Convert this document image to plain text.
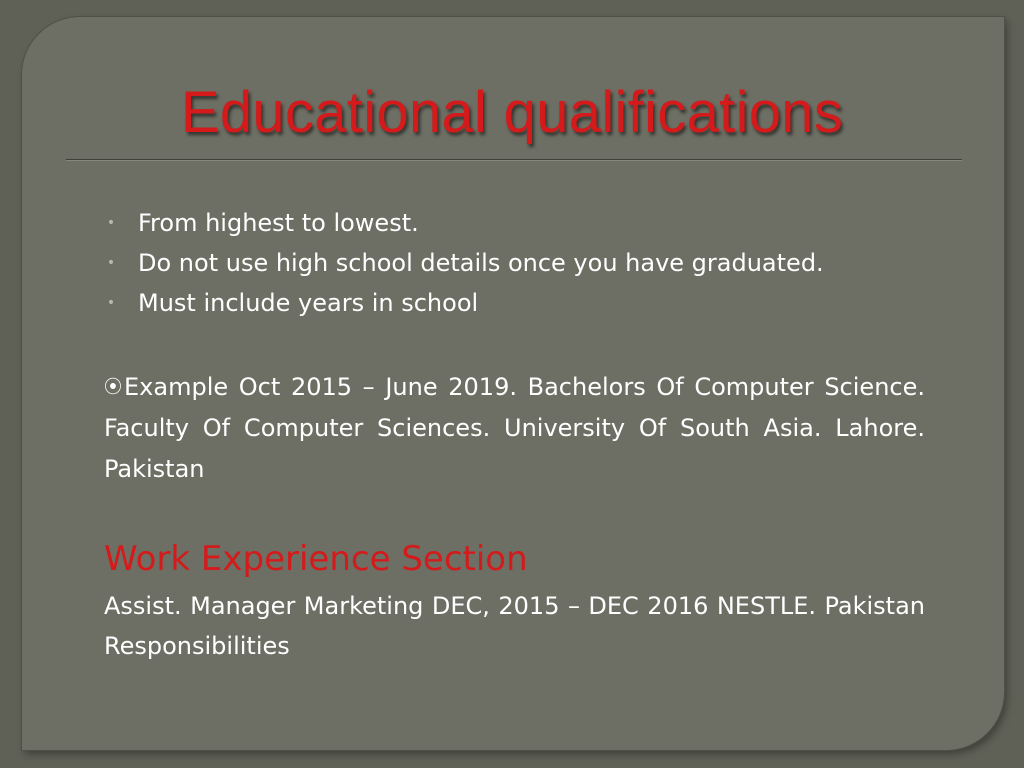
Educational qualifications
• From highest to lowest.
• Do not use high school details once you have graduated.
• Must include years in school

⦿Example Oct 2015 – June 2019. Bachelors Of Computer Science. Faculty Of Computer Sciences. University Of South Asia. Lahore. Pakistan

Work Experience Section

Assist. Manager Marketing DEC, 2015 – DEC 2016 NESTLE. Pakistan Responsibilities
